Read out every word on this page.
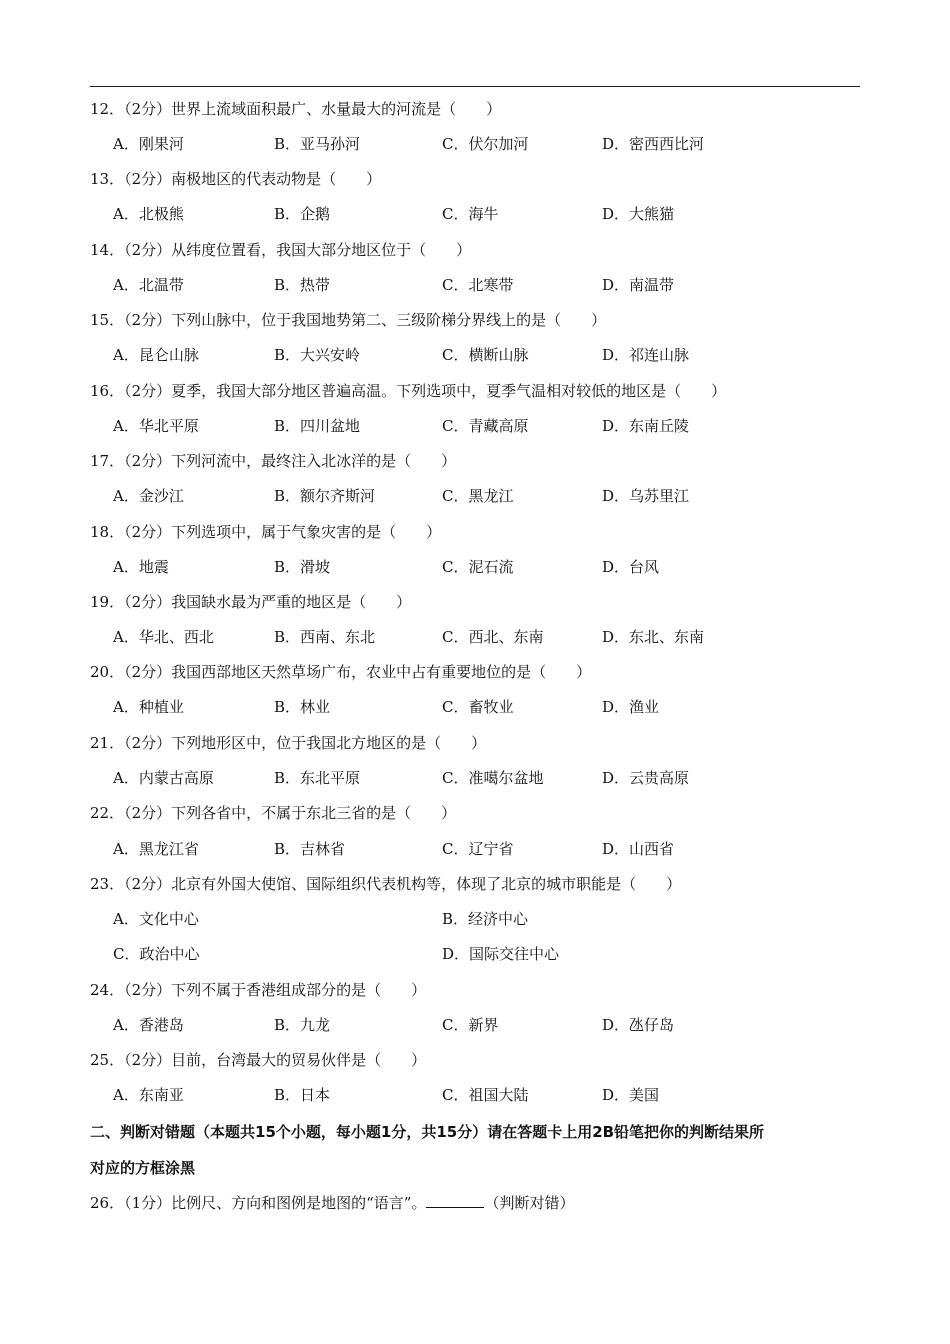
12．（2分）世界上流域面积最广、水量最大的河流是（　　）
A．刚果河	B．亚马孙河	C．伏尔加河	D．密西西比河
13．（2分）南极地区的代表动物是（　　）
A．北极熊	B．企鹅	C．海牛	D．大熊猫
14．（2分）从纬度位置看，我国大部分地区位于（　　）
A．北温带	B．热带	C．北寒带	D．南温带
15．（2分）下列山脉中，位于我国地势第二、三级阶梯分界线上的是（　　）
A．昆仑山脉	B．大兴安岭	C．横断山脉	D．祁连山脉
16．（2分）夏季，我国大部分地区普遍高温。下列选项中，夏季气温相对较低的地区是（　　）
A．华北平原	B．四川盆地	C．青藏高原	D．东南丘陵
17．（2分）下列河流中，最终注入北冰洋的是（　　）
A．金沙江	B．额尔齐斯河	C．黑龙江	D．乌苏里江
18．（2分）下列选项中，属于气象灾害的是（　　）
A．地震	B．滑坡	C．泥石流	D．台风
19．（2分）我国缺水最为严重的地区是（　　）
A．华北、西北	B．西南、东北	C．西北、东南	D．东北、东南
20．（2分）我国西部地区天然草场广布，农业中占有重要地位的是（　　）
A．种植业	B．林业	C．畜牧业	D．渔业
21．（2分）下列地形区中，位于我国北方地区的是（　　）
A．内蒙古高原	B．东北平原	C．准噶尔盆地	D．云贵高原
22．（2分）下列各省中，不属于东北三省的是（　　）
A．黑龙江省	B．吉林省	C．辽宁省	D．山西省
23．（2分）北京有外国大使馆、国际组织代表机构等，体现了北京的城市职能是（　　）
A．文化中心	B．经济中心
C．政治中心	D．国际交往中心
24．（2分）下列不属于香港组成部分的是（　　）
A．香港岛	B．九龙	C．新界	D．氹仔岛
25．（2分）目前，台湾最大的贸易伙伴是（　　）
A．东南亚	B．日本	C．祖国大陆	D．美国
二、判断对错题（本题共15个小题，每小题1分，共15分）请在答题卡上用2B铅笔把你的判断结果所
对应的方框涂黑
26．（1分）比例尺、方向和图例是地图的“语言”。	（判断对错）
